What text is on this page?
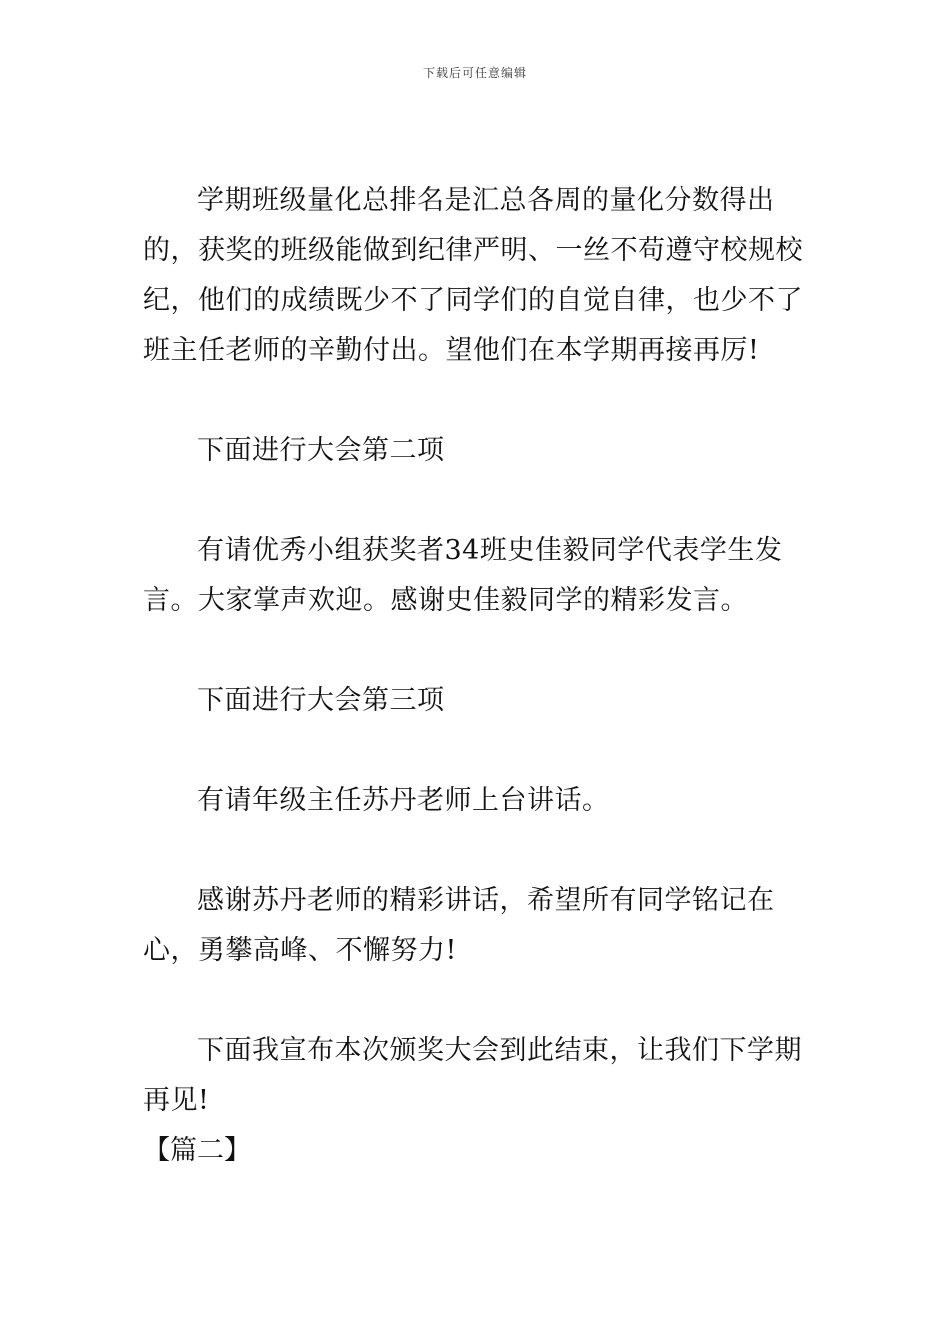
下载后可任意编辑

学期班级量化总排名是汇总各周的量化分数得出的，获奖的班级能做到纪律严明、一丝不苟遵守校规校纪，他们的成绩既少不了同学们的自觉自律，也少不了班主任老师的辛勤付出。望他们在本学期再接再厉!

下面进行大会第二项

有请优秀小组获奖者34班史佳毅同学代表学生发言。大家掌声欢迎。感谢史佳毅同学的精彩发言。

下面进行大会第三项

有请年级主任苏丹老师上台讲话。

感谢苏丹老师的精彩讲话，希望所有同学铭记在心，勇攀高峰、不懈努力!

下面我宣布本次颁奖大会到此结束，让我们下学期再见!

【篇二】
